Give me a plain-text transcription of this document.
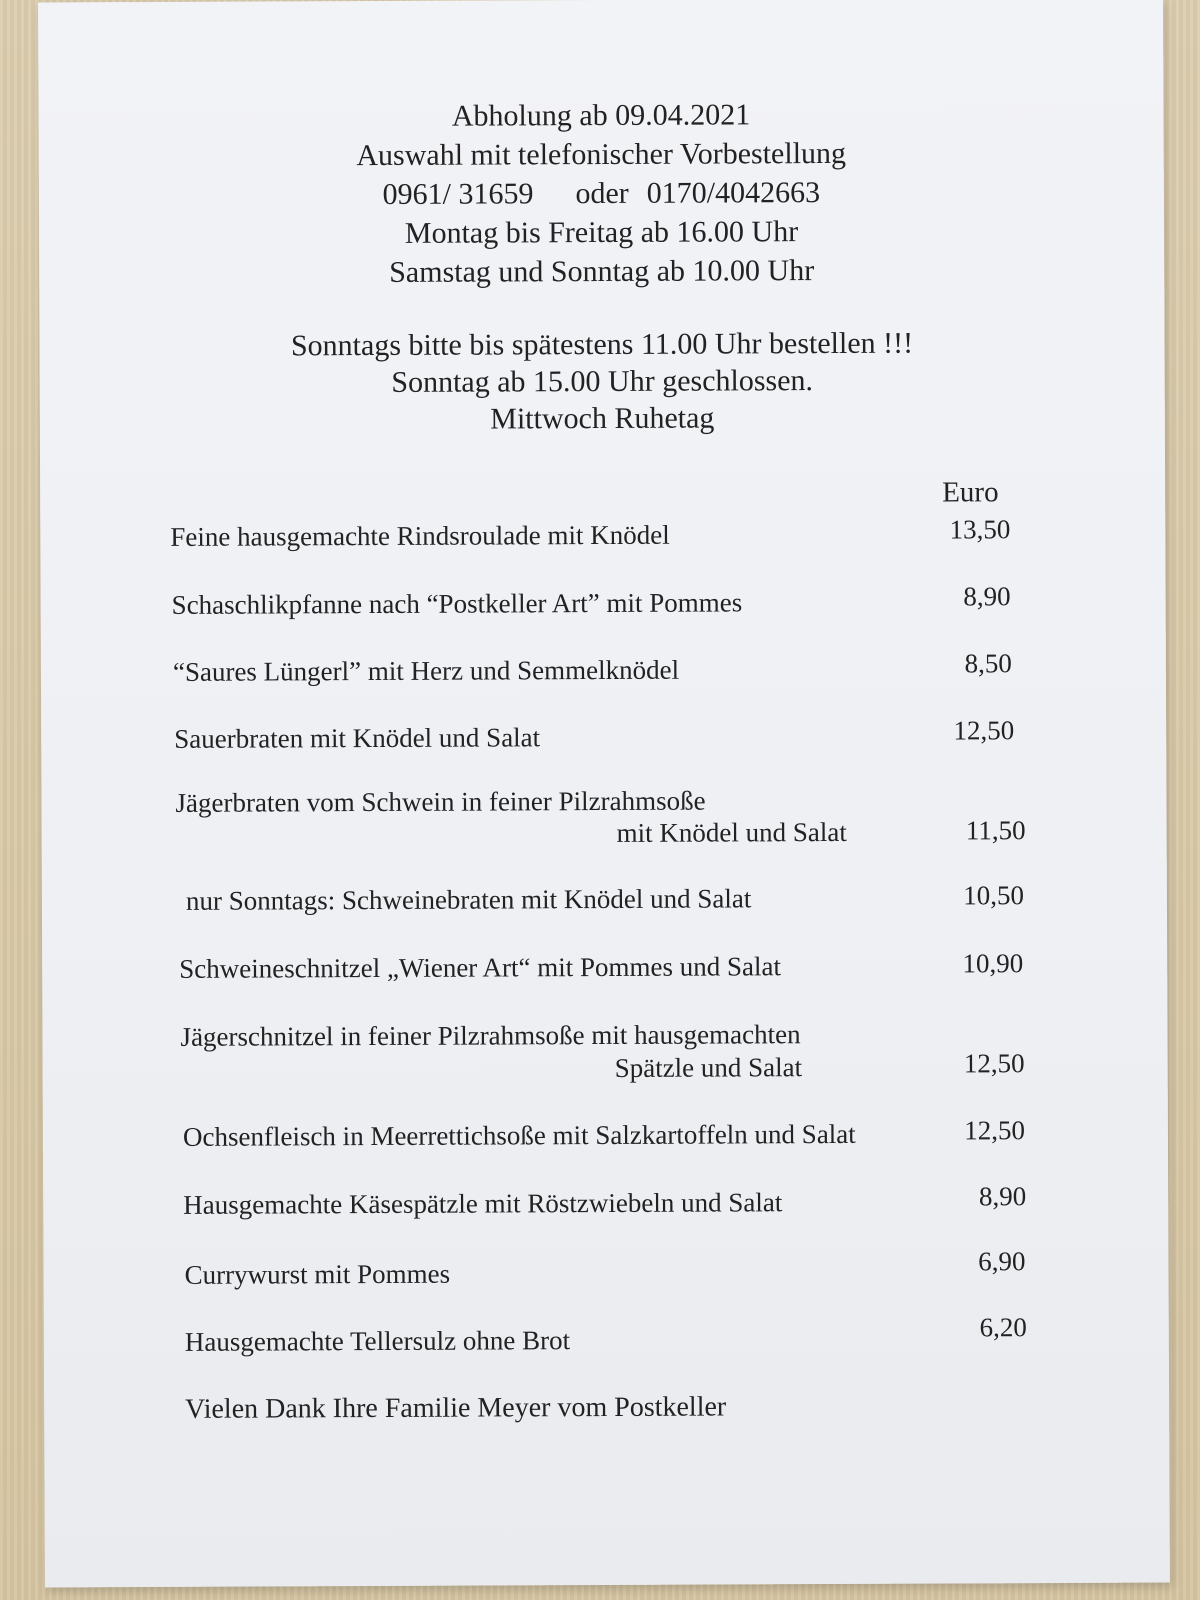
Abholung ab 09.04.2021
Auswahl mit telefonischer Vorbestellung
0961/ 31659 oder 0170/4042663
Montag bis Freitag ab 16.00 Uhr
Samstag und Sonntag ab 10.00 Uhr
Sonntags bitte bis spätestens 11.00 Uhr bestellen !!!
Sonntag ab 15.00 Uhr geschlossen.
Mittwoch Ruhetag
Euro
Feine hausgemachte Rindsroulade mit Knödel	13,50
Schaschlikpfanne nach “Postkeller Art” mit Pommes	8,90
“Saures Lüngerl” mit Herz und Semmelknödel	8,50
Sauerbraten mit Knödel und Salat	12,50
Jägerbraten vom Schwein in feiner Pilzrahmsoße
mit Knödel und Salat	11,50
nur Sonntags: Schweinebraten mit Knödel und Salat	10,50
Schweineschnitzel „Wiener Art“ mit Pommes und Salat	10,90
Jägerschnitzel in feiner Pilzrahmsoße mit hausgemachten
Spätzle und Salat	12,50
Ochsenfleisch in Meerrettichsoße mit Salzkartoffeln und Salat	12,50
Hausgemachte Käsespätzle mit Röstzwiebeln und Salat	8,90
Currywurst mit Pommes	6,90
Hausgemachte Tellersulz ohne Brot	6,20
Vielen Dank Ihre Familie Meyer vom Postkeller
